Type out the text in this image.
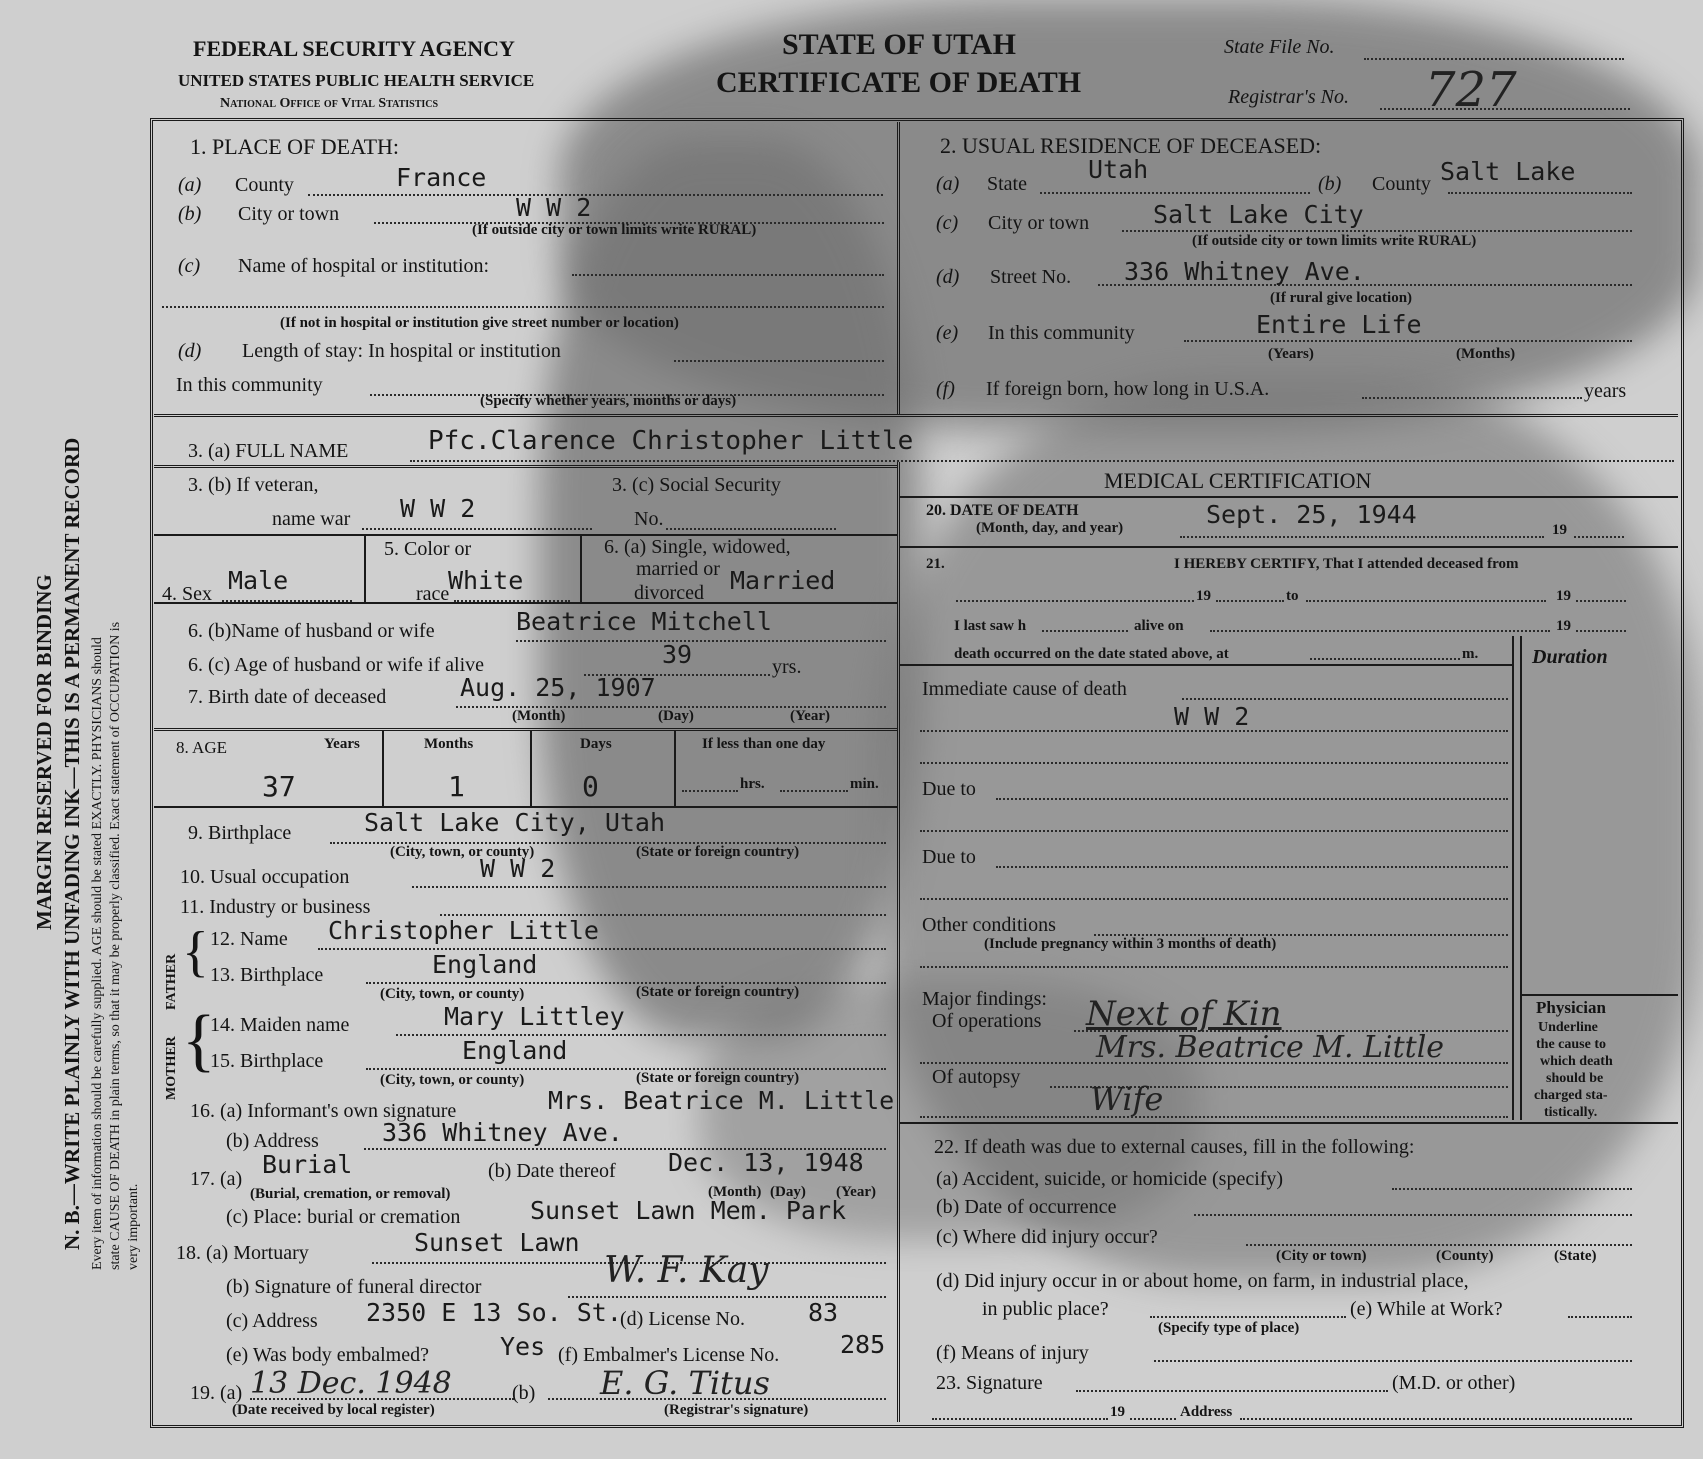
FEDERAL SECURITY AGENCY
UNITED STATES PUBLIC HEALTH SERVICE
National Office of Vital Statistics
STATE OF UTAH
CERTIFICATE OF DEATH
State File No.
Registrar's No. 727
MARGIN RESERVED FOR BINDING N. B.—WRITE PLAINLY WITH UNFADING INK—THIS IS A PERMANENT RECORD Every item of information should be carefully supplied. AGE should be stated EXACTLY. PHYSICIANS should state CAUSE OF DEATH in plain terms, so that it may be properly classified. Exact statement of OCCUPATION is very important.
1. PLACE OF DEATH:
(a) County	France
(b) City or town	W W 2
(If outside city or town limits write RURAL)
(c) Name of hospital or institution:
(If not in hospital or institution give street number or location)
(d) Length of stay: In hospital or institution
In this community
(Specify whether years, months or days)
2. USUAL RESIDENCE OF DECEASED:
(a) State Utah	(b) County Salt Lake
(c) City or town	Salt Lake City
(If outside city or town limits write RURAL)
(d) Street No. 336 Whitney Ave.
(If rural give location)
(e) In this community	Entire Life
(Years)	(Months)
(f) If foreign born, how long in U.S.A.	years
3. (a) FULL NAME	Pfc.Clarence Christopher Little
3. (b) If veteran,
name war W W 2
3. (c) Social Security
No.
4. Sex Male
5. Color or
race
White
6. (a) Single, widowed,
married or
divorced Married
6. (b)Name of husband or wife	Beatrice Mitchell
6. (c) Age of husband or wife if alive	39	yrs.
7. Birth date of deceased	Aug. 25, 1907
(Month)	(Day)	(Year)
8. AGE	Years	Months	Days	If less than one day
37	1	0	hrs.	min.
9. Birthplace	Salt Lake City, Utah
(City, town, or county)	(State or foreign country)
10. Usual occupation	W W 2
11. Industry or business
FATHER
MOTHER
{
{
12. Name Christopher Little
13. Birthplace	England
(City, town, or county)	(State or foreign country)
14. Maiden name	Mary Littley
15. Birthplace	England
(City, town, or county)	(State or foreign country)
16. (a) Informant's own signature	Mrs. Beatrice M. Little
(b) Address	336 Whitney Ave.
17. (a) Burial
(Burial, cremation, or removal)
(b) Date thereof Dec. 13, 1948
(Month) (Day) (Year)
(c) Place: burial or cremation	Sunset Lawn Mem. Park
18. (a) Mortuary	Sunset Lawn
(b) Signature of funeral director	W. F. Kay
(c) Address 2350 E 13 So. St.
(d) License No.	83
(e) Was body embalmed?	Yes (f) Embalmer's License No. 285
19. (a) 13 Dec. 1948	(b) E. G. Titus
(Date received by local register)	(Registrar's signature)
MEDICAL CERTIFICATION
20. DATE OF DEATH
(Month, day, and year)	Sept. 25, 1944
19
21.	I HEREBY CERTIFY, That I attended deceased from
19	to	19
I last saw h	alive on	19
death occurred on the date stated above, at	m.	Duration
Immediate cause of death
W W 2
Due to
Due to
Other conditions
(Include pregnancy within 3 months of death)
Major findings:
Of operations Next of Kin
Mrs. Beatrice M. Little
Of autopsy
Wife
Physician
Underline
the cause to
which death
should be
charged sta-
tistically.
22. If death was due to external causes, fill in the following:
(a) Accident, suicide, or homicide (specify)
(b) Date of occurrence
(c) Where did injury occur?
(City or town)	(County)	(State)
(d) Did injury occur in or about home, on farm, in industrial place,
in public place?	(e) While at Work?
(Specify type of place)
(f) Means of injury
23. Signature	(M.D. or other)
19	Address
